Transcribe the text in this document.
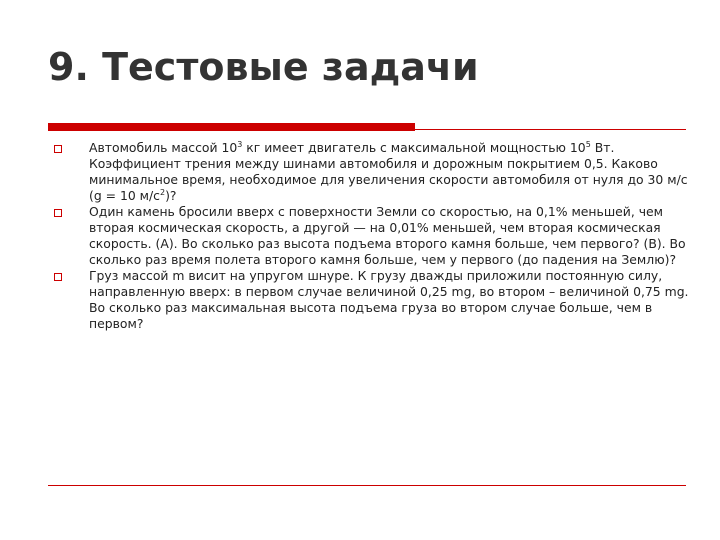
9. Тестовые задачи
Автомобиль массой $10^3$ кг имеет двигатель с максимальной мощностью $10^5$ Вт. Коэффициент трения между шинами автомобиля и дорожным покрытием 0,5. Каково минимальное время, необходимое для увеличения скорости автомобиля от нуля до 30 м/с (g = 10 $м/с^2$)?
Один камень бросили вверх с поверхности Земли со скоростью, на 0,1% меньшей, чем вторая космическая скорость, а другой — на 0,01% меньшей, чем вторая космическая скорость. (А). Во сколько раз высота подъема второго камня больше, чем первого? (В). Во сколько раз время полета второго камня больше, чем у первого (до падения на Землю)?
Груз массой m висит на упругом шнуре. К грузу дважды приложили постоянную силу, направленную вверх: в первом случае величиной 0,25 mg, во втором – величиной 0,75 mg. Во сколько раз максимальная высота подъема груза во втором случае больше, чем в первом?
